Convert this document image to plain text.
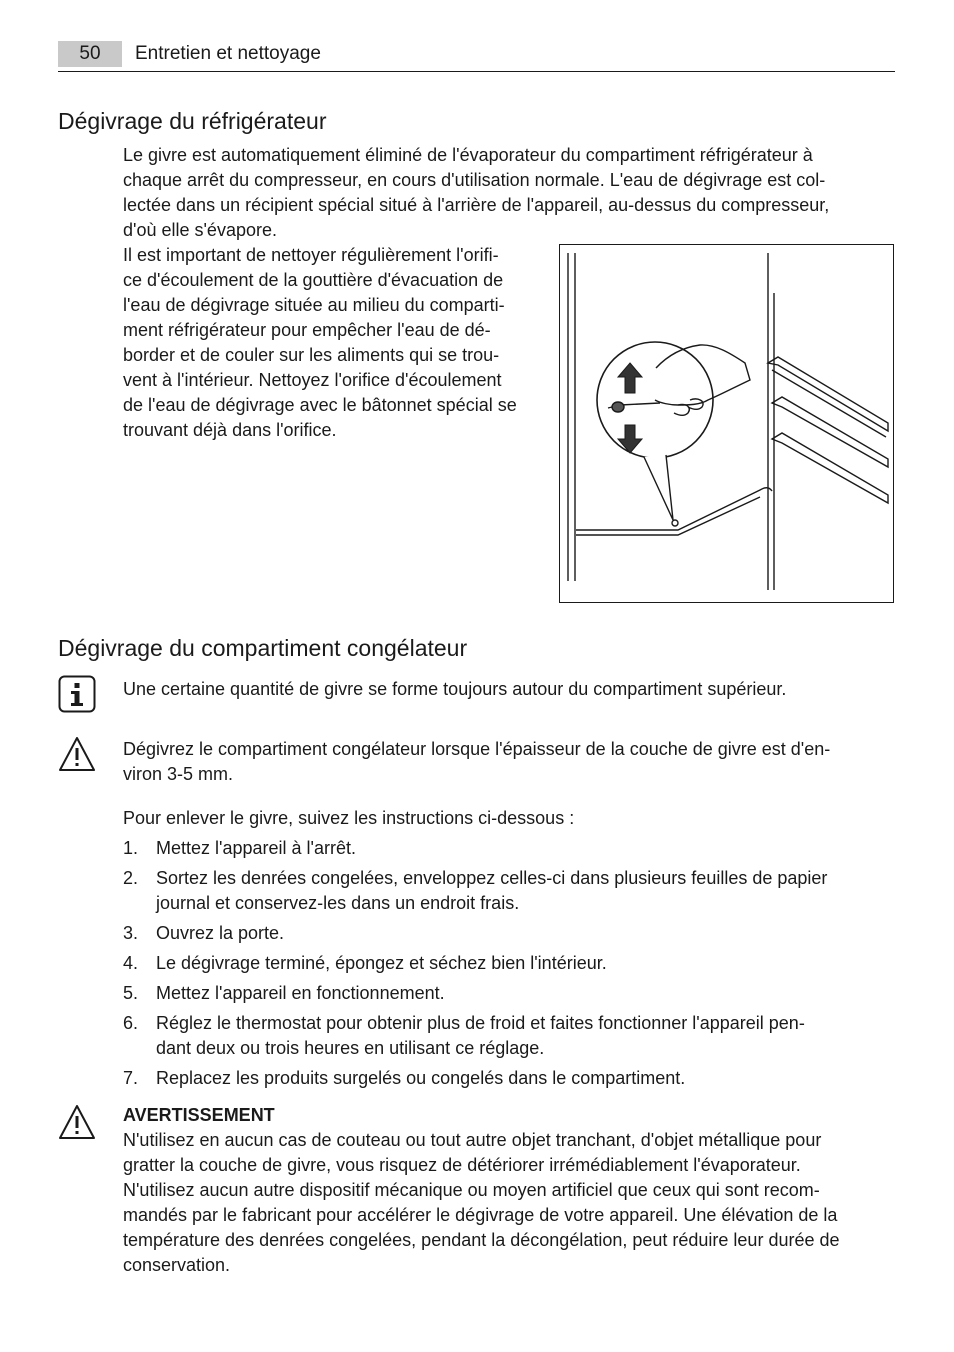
50	Entretien et nettoyage
Dégivrage du réfrigérateur
Le givre est automatiquement éliminé de l'évaporateur du compartiment réfrigérateur à
chaque arrêt du compresseur, en cours d'utilisation normale. L'eau de dégivrage est col-
lectée dans un récipient spécial situé à l'arrière de l'appareil, au-dessus du compresseur,
d'où elle s'évapore.
Il est important de nettoyer régulièrement l'orifi-
ce d'écoulement de la gouttière d'évacuation de
l'eau de dégivrage située au milieu du comparti-
ment réfrigérateur pour empêcher l'eau de dé-
border et de couler sur les aliments qui se trou-
vent à l'intérieur. Nettoyez l'orifice d'écoulement
de l'eau de dégivrage avec le bâtonnet spécial se
trouvant déjà dans l'orifice.
Dégivrage du compartiment congélateur
Une certaine quantité de givre se forme toujours autour du compartiment supérieur.
Dégivrez le compartiment congélateur lorsque l'épaisseur de la couche de givre est d'en-
viron 3-5 mm.
Pour enlever le givre, suivez les instructions ci-dessous :
1. Mettez l'appareil à l'arrêt.
2. Sortez les denrées congelées, enveloppez celles-ci dans plusieurs feuilles de papier
journal et conservez-les dans un endroit frais.
3. Ouvrez la porte.
4. Le dégivrage terminé, épongez et séchez bien l'intérieur.
5. Mettez l'appareil en fonctionnement.
6. Réglez le thermostat pour obtenir plus de froid et faites fonctionner l'appareil pen-
dant deux ou trois heures en utilisant ce réglage.
7. Replacez les produits surgelés ou congelés dans le compartiment.
AVERTISSEMENT
N'utilisez en aucun cas de couteau ou tout autre objet tranchant, d'objet métallique pour
gratter la couche de givre, vous risquez de détériorer irrémédiablement l'évaporateur.
N'utilisez aucun autre dispositif mécanique ou moyen artificiel que ceux qui sont recom-
mandés par le fabricant pour accélérer le dégivrage de votre appareil. Une élévation de la
température des denrées congelées, pendant la décongélation, peut réduire leur durée de
conservation.
